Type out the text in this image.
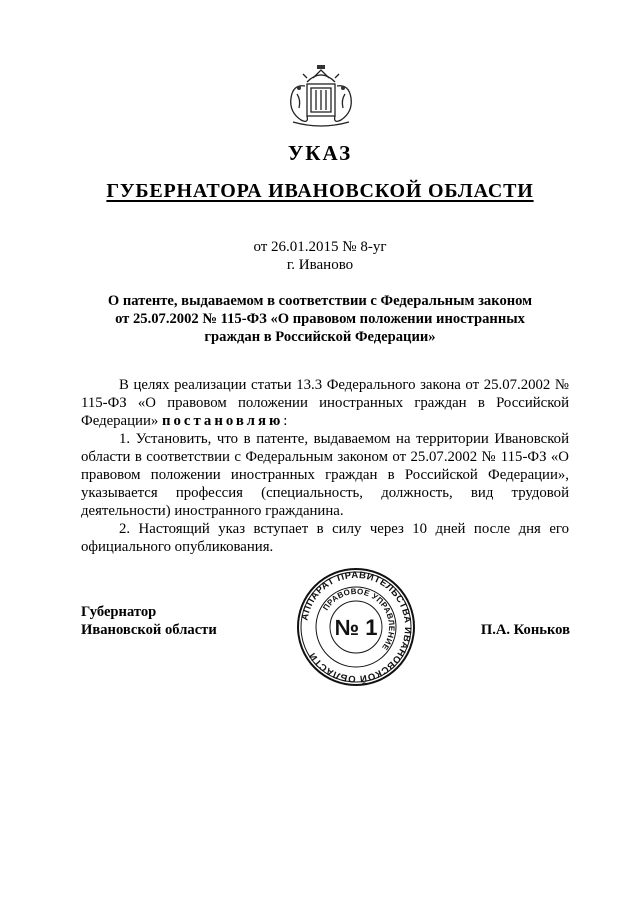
УКАЗ
ГУБЕРНАТОРА ИВАНОВСКОЙ ОБЛАСТИ
от 26.01.2015 № 8-уг
г. Иваново
О патенте, выдаваемом в соответствии с Федеральным законом
от 25.07.2002 № 115-ФЗ «О правовом положении иностранных
граждан в Российской Федерации»

В целях реализации статьи 13.3 Федерального закона от 25.07.2002 № 115-ФЗ «О правовом положении иностранных граждан в Российской Федерации» постановляю:

1. Установить, что в патенте, выдаваемом на территории Ивановской области в соответствии с Федеральным законом от 25.07.2002 № 115-ФЗ «О правовом положении иностранных граждан в Российской Федерации», указывается профессия (специальность, должность, вид трудовой деятельности) иностранного гражданина.

2. Настоящий указ вступает в силу через 10 дней после дня его официального опубликования.

Губернатор
Ивановской области
АППАРАТ ПРАВИТЕЛЬСТВА ИВАНОВСКОЙ ОБЛАСТИ
ПРАВОВОЕ УПРАВЛЕНИЕ
№ 1	П.А. Коньков
